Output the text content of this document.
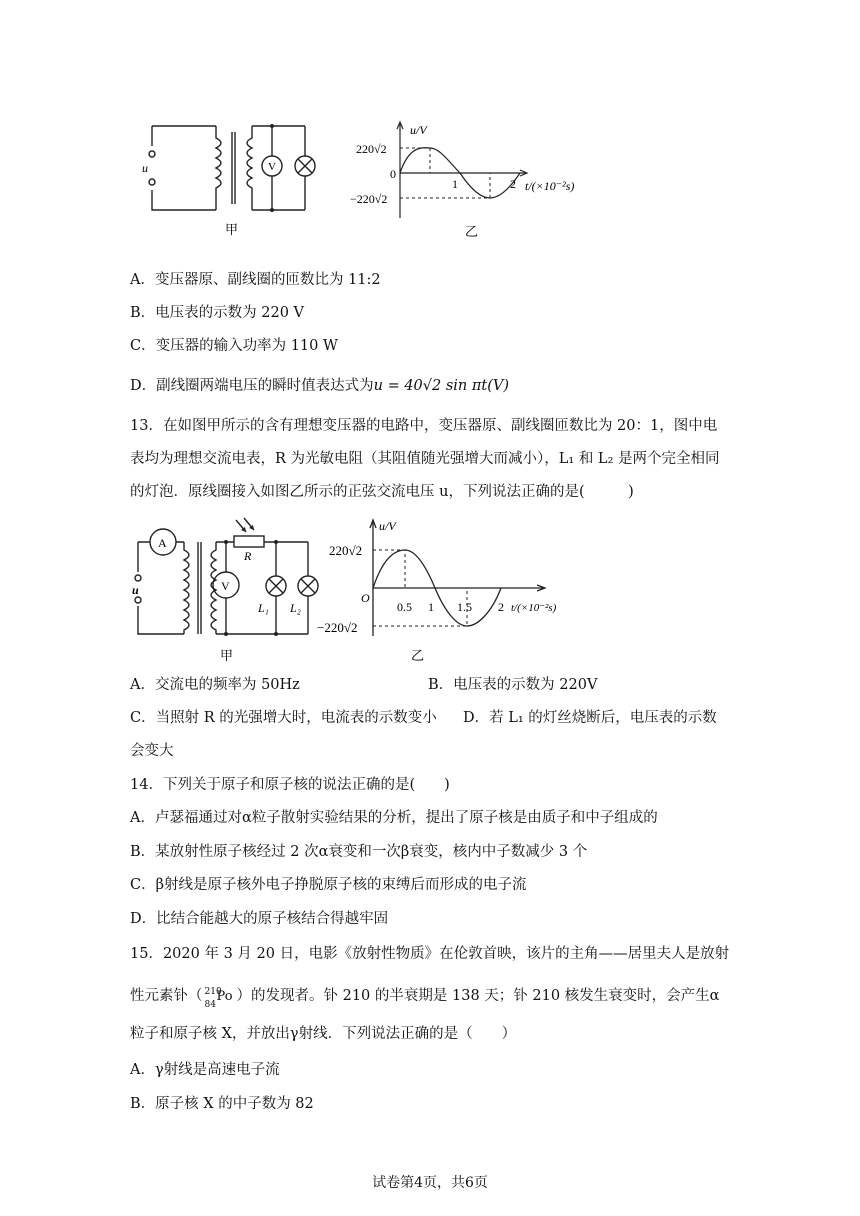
u	V
甲
u/V
220√2
0
−220√2
1	2 t/(×10⁻²s)
乙
A．变压器原、副线圈的匝数比为 11:2
B．电压表的示数为 220 V
C．变压器的输入功率为 110 W
D．副线圈两端电压的瞬时值表达式为u = 40√2 sin πt(V)
13．在如图甲所示的含有理想变压器的电路中，变压器原、副线圈匝数比为 20：1，图中电
表均为理想交流电表，R 为光敏电阻（其阻值随光强增大而减小），L₁ 和 L₂ 是两个完全相同
的灯泡．原线圈接入如图乙所示的正弦交流电压 u，下列说法正确的是(　　　)
A
V
R
u
L₁ L₂
甲
u/V
220√2
O
0.5 1 1.5 2 t/(×10⁻²s)
−220√2
乙
A．交流电的频率为 50Hz	B．电压表的示数为 220V
C．当照射 R 的光强增大时，电流表的示数变小 D．若 L₁ 的灯丝烧断后，电压表的示数
会变大
14．下列关于原子和原子核的说法正确的是(　　)
A．卢瑟福通过对α粒子散射实验结果的分析，提出了原子核是由质子和中子组成的
B．某放射性原子核经过 2 次α衰变和一次β衰变，核内中子数减少 3 个
C．β射线是原子核外电子挣脱原子核的束缚后而形成的电子流
D．比结合能越大的原子核结合得越牢固
15．2020 年 3 月 20 日，电影《放射性物质》在伦敦首映，该片的主角——居里夫人是放射
性元素钋（ 210
84
Po ）的发现者。钋 210 的半衰期是 138 天；钋 210 核发生衰变时，会产生α
粒子和原子核 X，并放出γ射线．下列说法正确的是（　　）
A．γ射线是高速电子流
B．原子核 X 的中子数为 82
试卷第4页，共6页
